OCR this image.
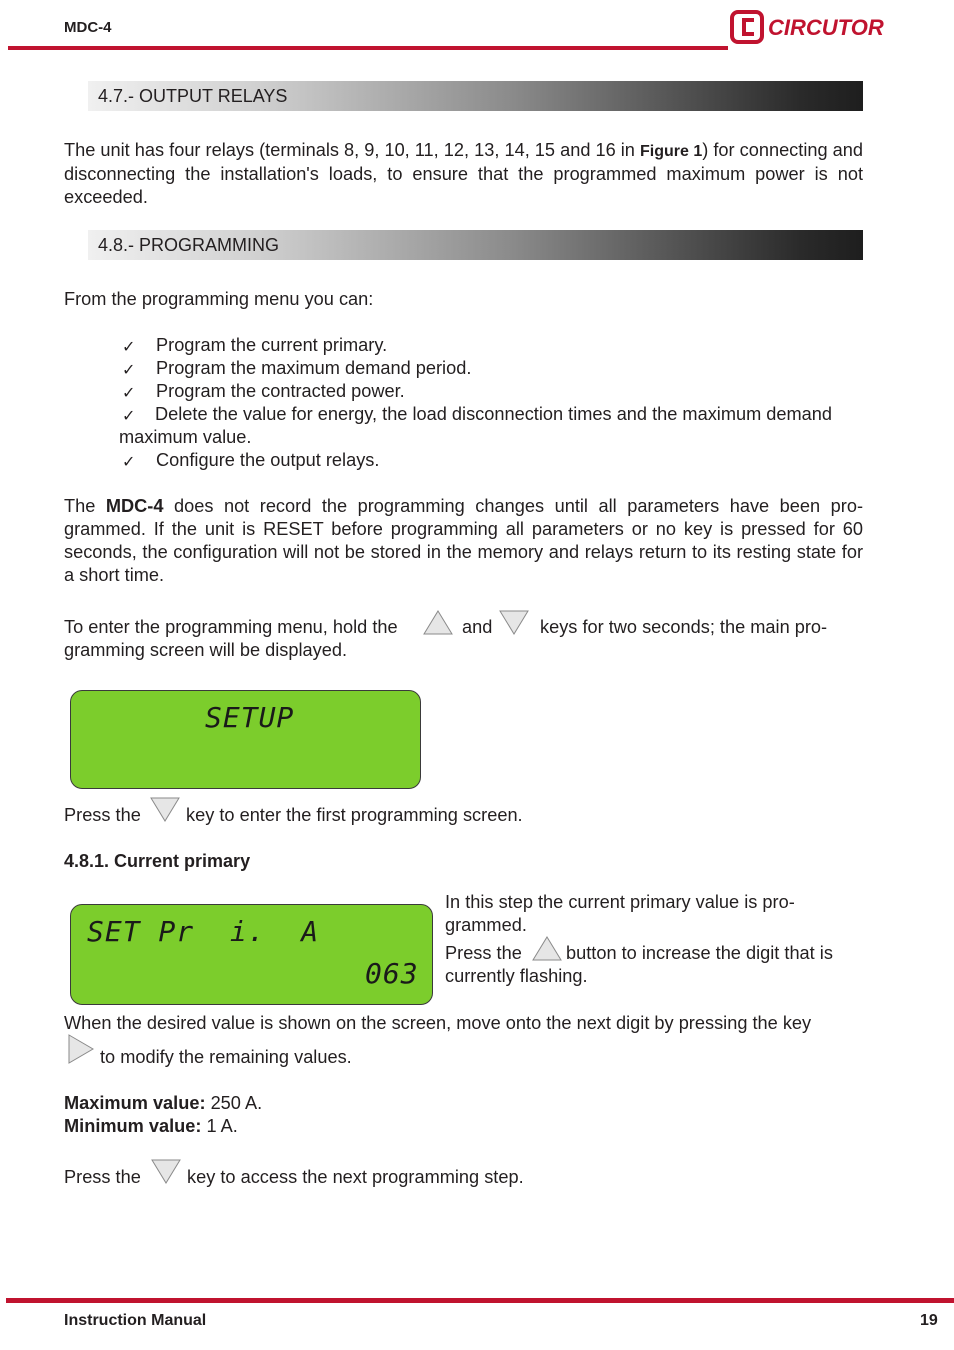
MDC-4	CIRCUTOR
4.7.- OUTPUT RELAYS

The unit has four relays (terminals 8, 9, 10, 11, 12, 13, 14, 15 and 16 in Figure 1) for connecting and disconnecting the installation's loads, to ensure that the programmed maximum power is not exceeded.

4.8.- PROGRAMMING

From the programming menu you can:

✓ Program the current primary.
✓ Program the maximum demand period.
✓ Program the contracted power.
✓ Delete the value for energy, the load disconnection times and the maximum demand
maximum value.
✓ Configure the output relays.

The MDC-4 does not record the programming changes until all parameters have been pro-grammed. If the unit is RESET before programming all parameters or no key is pressed for 60 seconds, the configuration will not be stored in the memory and relays return to its resting state for a short time.

To enter the programming menu, hold the	and	keys for two seconds; the main pro-
gramming screen will be displayed.
SETUP
Press the key to enter the first programming screen.
4.8.1. Current primary
SET Pr  i.  A
063
In this step the current primary value is pro-
grammed.
Press the button to increase the digit that is
currently flashing.

When the desired value is shown on the screen, move onto the next digit by pressing the key

to modify the remaining values.
Maximum value: 250 A.
Minimum value: 1 A.
Press the	key to access the next programming step.
Instruction Manual	19
